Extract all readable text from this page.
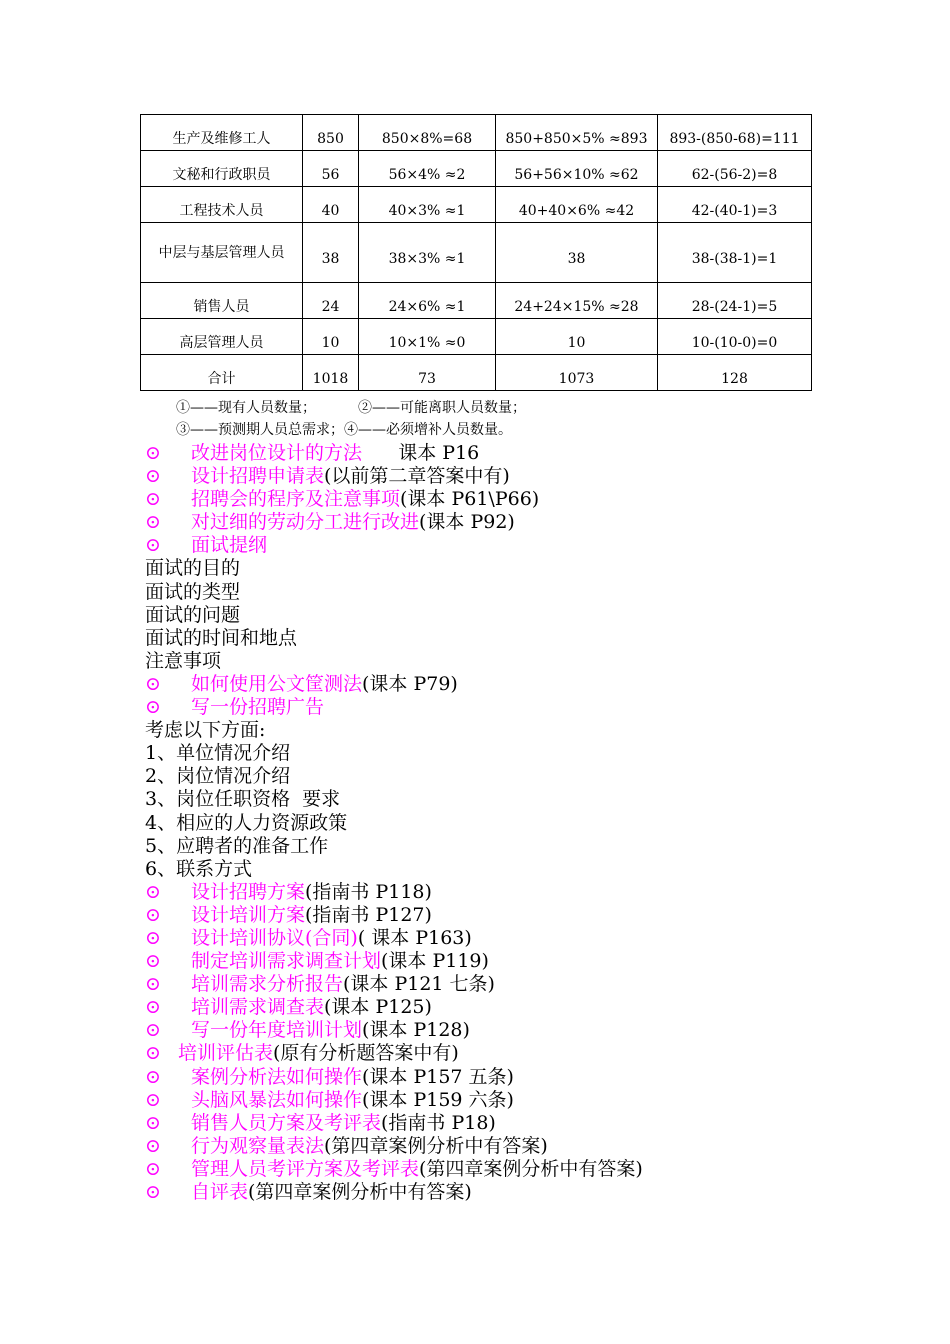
生产及维修工人	850	850×8%=68	850+850×5% ≈893	893-(850-68)=111
文秘和行政职员	56	56×4% ≈2	56+56×10% ≈62	62-(56-2)=8
工程技术人员	40	40×3% ≈1	40+40×6% ≈42	42-(40-1)=3
中层与基层管理人员	38	38×3% ≈1	38	38-(38-1)=1
销售人员	24	24×6% ≈1	24+24×15% ≈28	28-(24-1)=5
高层管理人员	10	10×1% ≈0	10	10-(10-0)=0
合计	1018	73	1073	128
①——现有人员数量；	②——可能离职人员数量；
③——预测期人员总需求；④——必须增补人员数量。
⊙ 改进岗位设计的方法      课本 P16
⊙ 设计招聘申请表(以前第二章答案中有)
⊙ 招聘会的程序及注意事项(课本 P61\P66)
⊙ 对过细的劳动分工进行改进(课本 P92)
⊙ 面试提纲
面试的目的
面试的类型
面试的问题
面试的时间和地点
注意事项
⊙ 如何使用公文筐测法(课本 P79)
⊙ 写一份招聘广告
考虑以下方面:
1、单位情况介绍
2、岗位情况介绍
3、岗位任职资格  要求
4、相应的人力资源政策
5、应聘者的准备工作
6、联系方式
⊙ 设计招聘方案(指南书 P118)
⊙ 设计培训方案(指南书 P127)
⊙ 设计培训协议(合同)( 课本 P163)
⊙ 制定培训需求调查计划(课本 P119)
⊙ 培训需求分析报告(课本 P121 七条)
⊙ 培训需求调查表(课本 P125)
⊙ 写一份年度培训计划(课本 P128)
⊙ 培训评估表(原有分析题答案中有)
⊙ 案例分析法如何操作(课本 P157 五条)
⊙ 头脑风暴法如何操作(课本 P159 六条)
⊙ 销售人员方案及考评表(指南书 P18)
⊙ 行为观察量表法(第四章案例分析中有答案)
⊙ 管理人员考评方案及考评表(第四章案例分析中有答案)
⊙ 自评表(第四章案例分析中有答案)
